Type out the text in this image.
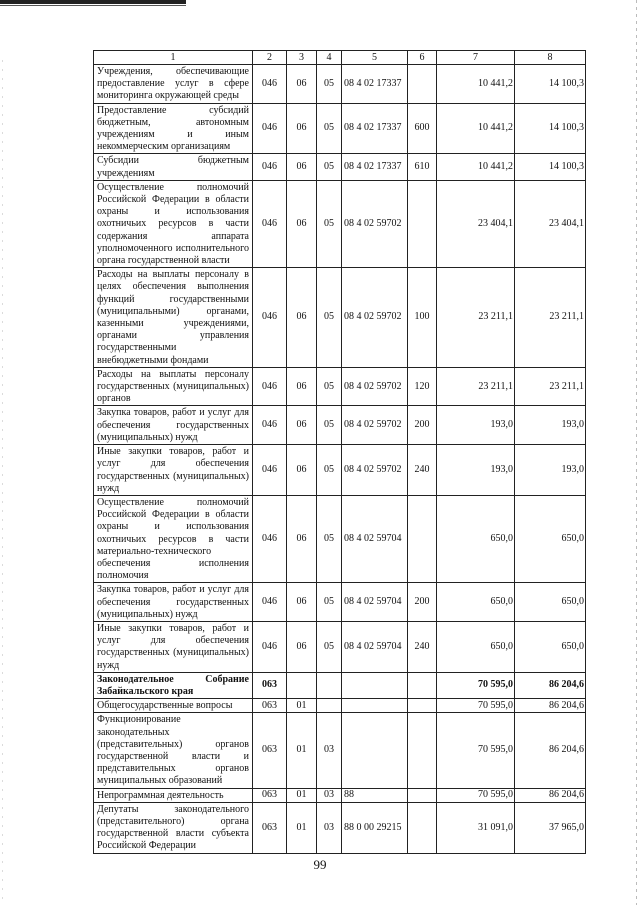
1	2	3	4	5	6	7	8
Учреждения, обеспечивающие предоставление услуг в сфере мониторинга окружающей среды	046	06	05	08 4 02 17337		10 441,2	14 100,3
Предоставление субсидий бюджетным, автономным учреждениям и иным некоммерческим организациям	046	06	05	08 4 02 17337	600	10 441,2	14 100,3
Субсидии бюджетным учреждениям	046	06	05	08 4 02 17337	610	10 441,2	14 100,3
Осуществление полномочий Российской Федерации в области охраны и использования охотничьих ресурсов в части содержания аппарата уполномоченного исполнительного органа государственной власти	046	06	05	08 4 02 59702		23 404,1	23 404,1
Расходы на выплаты персоналу в целях обеспечения выполнения функций государственными (муниципальными) органами, казенными учреждениями, органами управления государственными внебюджетными фондами	046	06	05	08 4 02 59702	100	23 211,1	23 211,1
Расходы на выплаты персоналу государственных (муниципальных) органов	046	06	05	08 4 02 59702	120	23 211,1	23 211,1
Закупка товаров, работ и услуг для обеспечения государственных (муниципальных) нужд	046	06	05	08 4 02 59702	200	193,0	193,0
Иные закупки товаров, работ и услуг для обеспечения государственных (муниципальных) нужд	046	06	05	08 4 02 59702	240	193,0	193,0
Осуществление полномочий Российской Федерации в области охраны и использования охотничьих ресурсов в части материально-технического обеспечения исполнения полномочия	046	06	05	08 4 02 59704		650,0	650,0
Закупка товаров, работ и услуг для обеспечения государственных (муниципальных) нужд	046	06	05	08 4 02 59704	200	650,0	650,0
Иные закупки товаров, работ и услуг для обеспечения государственных (муниципальных) нужд	046	06	05	08 4 02 59704	240	650,0	650,0
Законодательное Собрание Забайкальского края	063					70 595,0	86 204,6
Общегосударственные вопросы	063	01				70 595,0	86 204,6
Функционирование законодательных (представительных) органов государственной власти и представительных органов муниципальных образований	063	01	03			70 595,0	86 204,6
Непрограммная деятельность	063	01	03	88		70 595,0	86 204,6
Депутаты законодательного (представительного) органа государственной власти субъекта Российской Федерации	063	01	03	88 0 00 29215		31 091,0	37 965,0
99
